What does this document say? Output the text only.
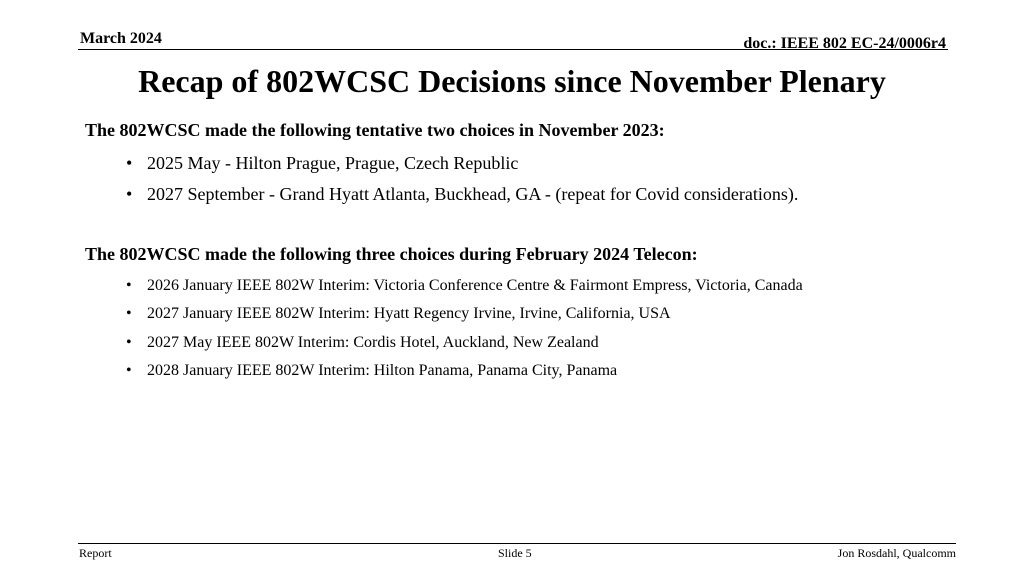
March 2024	doc.: IEEE 802 EC-24/0006r4
Recap of 802WCSC Decisions since November Plenary
The 802WCSC made the following tentative two choices in November 2023:
• 2025 May - Hilton Prague, Prague, Czech Republic
• 2027 September - Grand Hyatt Atlanta, Buckhead, GA - (repeat for Covid considerations).
The 802WCSC made the following three choices during February 2024 Telecon:
• 2026 January IEEE 802W Interim: Victoria Conference Centre & Fairmont Empress, Victoria, Canada
• 2027 January IEEE 802W Interim: Hyatt Regency Irvine, Irvine, California, USA
• 2027 May IEEE 802W Interim: Cordis Hotel, Auckland, New Zealand
• 2028 January IEEE 802W Interim: Hilton Panama, Panama City, Panama
Report	Slide 5	Jon Rosdahl, Qualcomm
